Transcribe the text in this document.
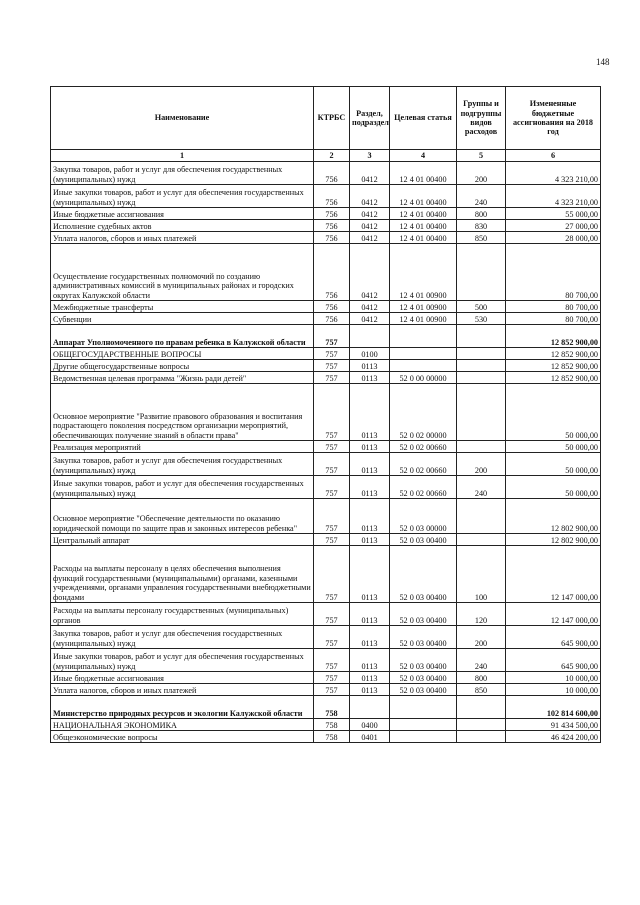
148
Наименование	КТРБС	Раздел, подраздел	Целевая статья	Группы и подгруппы видов расходов	Измененные бюджетные ассигнования на 2018 год
1	2	3	4	5	6
Закупка товаров, работ и услуг для обеспечения государственных (муниципальных) нужд	756	0412	12 4 01 00400	200	4 323 210,00
Иные закупки товаров, работ и услуг для обеспечения государственных (муниципальных) нужд	756	0412	12 4 01 00400	240	4 323 210,00
Иные бюджетные ассигнования	756	0412	12 4 01 00400	800	55 000,00
Исполнение судебных актов	756	0412	12 4 01 00400	830	27 000,00
Уплата налогов, сборов и иных платежей	756	0412	12 4 01 00400	850	28 000,00
Осуществление государственных полномочий по созданию административных комиссий в муниципальных районах и городских округах Калужской области	756	0412	12 4 01 00900		80 700,00
Межбюджетные трансферты	756	0412	12 4 01 00900	500	80 700,00
Субвенции	756	0412	12 4 01 00900	530	80 700,00
Аппарат Уполномоченного по правам ребенка в Калужской области	757				12 852 900,00
ОБЩЕГОСУДАРСТВЕННЫЕ ВОПРОСЫ	757	0100			12 852 900,00
Другие общегосударственные вопросы	757	0113			12 852 900,00
Ведомственная целевая программа "Жизнь ради детей"	757	0113	52 0 00 00000		12 852 900,00
Основное мероприятие "Развитие правового образования и воспитания подрастающего поколения посредством организации мероприятий, обеспечивающих получение знаний в области права"	757	0113	52 0 02 00000		50 000,00
Реализация мероприятий	757	0113	52 0 02 00660		50 000,00
Закупка товаров, работ и услуг для обеспечения государственных (муниципальных) нужд	757	0113	52 0 02 00660	200	50 000,00
Иные закупки товаров, работ и услуг для обеспечения государственных (муниципальных) нужд	757	0113	52 0 02 00660	240	50 000,00
Основное мероприятие "Обеспечение деятельности по оказанию юридической помощи по защите прав и законных интересов ребенка"	757	0113	52 0 03 00000		12 802 900,00
Центральный аппарат	757	0113	52 0 03 00400		12 802 900,00
Расходы на выплаты персоналу в целях обеспечения выполнения функций государственными (муниципальными) органами, казенными учреждениями, органами управления государственными внебюджетными фондами	757	0113	52 0 03 00400	100	12 147 000,00
Расходы на выплаты персоналу государственных (муниципальных) органов	757	0113	52 0 03 00400	120	12 147 000,00
Закупка товаров, работ и услуг для обеспечения государственных (муниципальных) нужд	757	0113	52 0 03 00400	200	645 900,00
Иные закупки товаров, работ и услуг для обеспечения государственных (муниципальных) нужд	757	0113	52 0 03 00400	240	645 900,00
Иные бюджетные ассигнования	757	0113	52 0 03 00400	800	10 000,00
Уплата налогов, сборов и иных платежей	757	0113	52 0 03 00400	850	10 000,00
Министерство природных ресурсов и экологии Калужской области	758				102 814 600,00
НАЦИОНАЛЬНАЯ ЭКОНОМИКА	758	0400			91 434 500,00
Общеэкономические вопросы	758	0401			46 424 200,00
